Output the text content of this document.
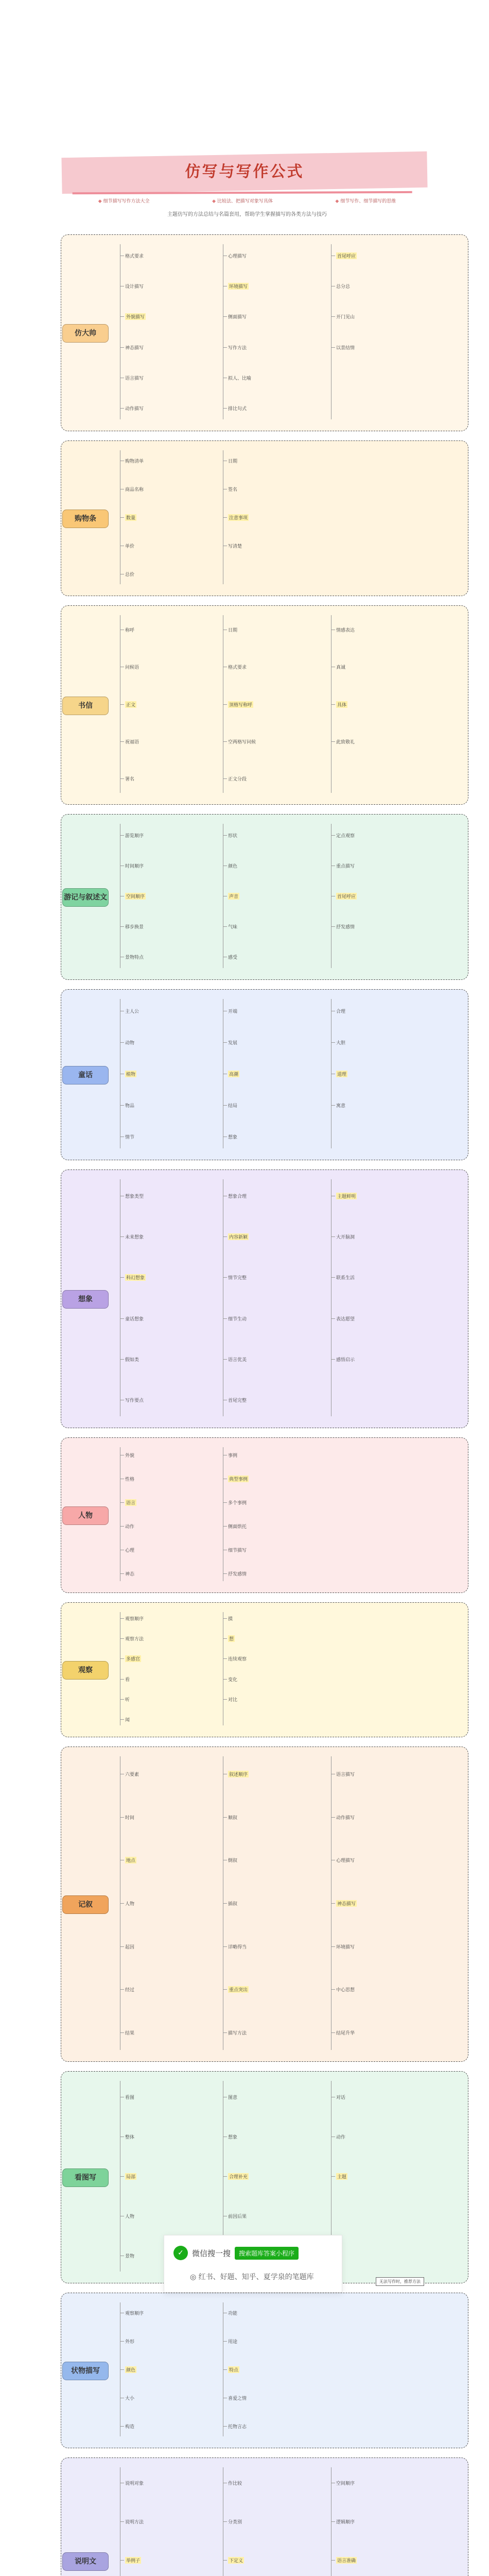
仿写与写作公式
◆ 细节描写写作方法大全	◆ 比较法、把描写对象写具体	◆ 细节写作、细节描写的思维
主题仿写的方法总结与名篇套用，帮助学生掌握描写的各类方法与技巧
仿大帅
格式要求
设计描写
外貌描写
神态描写
语言描写
动作描写
心理描写
环境描写
侧面描写
写作方法
拟人、比喻
排比句式
首尾呼应
总分总
开门见山
以景结情
购物条
购物清单
商品名称
数量
单价
总价
日期
签名
注意事项
写清楚
书信
称呼
问候语
正文
祝福语
署名
日期
格式要求
顶格写称呼
空两格写问候
正文分段
情感表达
真诚
具体
此致敬礼
游记与叙述文
游览顺序
时间顺序
空间顺序
移步换景
景物特点
形状
颜色
声音
气味
感受
定点观察
重点描写
首尾呼应
抒发感情
童话
主人公
动物
植物
物品
情节
开端
发展
高潮
结局
想象
合理
大胆
道理
寓意
想象
想象类型
未来想象
科幻想象
童话想象
假如类
写作要点
想象合理
内容新颖
情节完整
细节生动
语言优美
首尾完整
主题鲜明
大开脑洞
联系生活
表达愿望
感悟启示
人物
外貌
性格
语言
动作
心理
神态
事例
典型事例
多个事例
侧面烘托
细节描写
抒发感情
观察
观察顺序
观察方法
多感官
看
听
闻
摸
想
连续观察
变化
对比
记叙
六要素
时间
地点
人物
起因
经过
结果
叙述顺序
顺叙
倒叙
插叙
详略得当
重点突出
描写方法
语言描写
动作描写
心理描写
神态描写
环境描写
中心思想
结尾升华
看图写
看图
整体
局部
人物
景物
图意
想象
合理补充
前因后果
对话
动作
主题
状物描写
观察顺序
外形
颜色
大小
构造
功能
用途
特点
喜爱之情
托物言志
说明文
说明对象
说明方法
举例子
作比较
分类别
下定义
空间顺序
逻辑顺序
语言准确
✓	微信搜一搜	搜索题库答案小程序
◎ 红书、好题、知乎、夏学泉的笔题库
无法写作时，推荐方法
